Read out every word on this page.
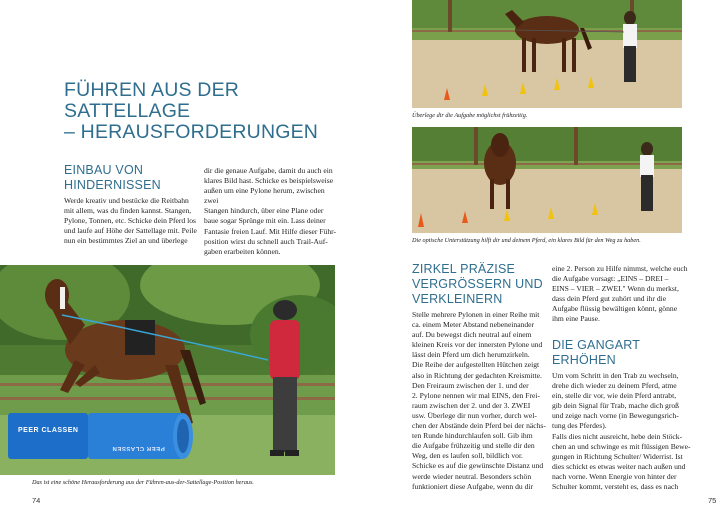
FÜHREN AUS DER SATTELLAGE
– HERAUSFORDERUNGEN
EINBAU VON
HINDERNISSEN

Werde kreativ und bestücke die Reitbahn

mit allem, was du finden kannst. Stangen,

Pylone, Tonnen, etc. Schicke dein Pferd los

und laufe auf Höhe der Sattellage mit. Peile

nun ein bestimmtes Ziel an und überlege

dir die genaue Aufgabe, damit du auch ein

klares Bild hast. Schicke es beispielsweise

außen um eine Pylone herum, zwischen zwei

Stangen hindurch, über eine Plane oder

baue sogar Sprünge mit ein. Lass deiner

Fantasie freien Lauf. Mit Hilfe dieser Führ-

position wirst du schnell auch Trail-Auf-

gaben erarbeiten können.

PEER CLASSEN
PEER CLASSEN
Das ist eine schöne Herausforderung aus der Führen-aus-der-Sattellage-Position heraus.
74
Überlege dir die Aufgabe möglichst frühzeitig.
Die optische Unterstützung hilft dir und deinem Pferd, ein klares Bild für den Weg zu haben.
ZIRKEL PRÄZISE
VERGRÖSSERN UND
VERKLEINERN

Stelle mehrere Pylonen in einer Reihe mit

ca. einem Meter Abstand nebeneinander

auf. Du bewegst dich neutral auf einem

kleinen Kreis vor der innersten Pylone und

lässt dein Pferd um dich herumzirkeln.

Die Reihe der aufgestellten Hütchen zeigt

also in Richtung der gedachten Kreismitte.

Den Freiraum zwischen der 1. und der

2. Pylone nennen wir mal EINS, den Frei-

raum zwischen der 2. und der 3. ZWEI

usw. Überlege dir nun vorher, durch wel-

chen der Abstände dein Pferd bei der nächs-

ten Runde hindurchlaufen soll. Gib ihm

die Aufgabe frühzeitig und stelle dir den

Weg, den es laufen soll, bildlich vor.

Schicke es auf die gewünschte Distanz und

werde wieder neutral. Besonders schön

funktioniert diese Aufgabe, wenn du dir

eine 2. Person zu Hilfe nimmst, welche euch

die Aufgabe vorsagt: „EINS – DREI –

EINS – VIER – ZWEI." Wenn du merkst,

dass dein Pferd gut zuhört und ihr die

Aufgabe flüssig bewältigen könnt, gönne

ihm eine Pause.

DIE GANGART
ERHÖHEN

Um vom Schritt in den Trab zu wechseln,

drehe dich wieder zu deinem Pferd, atme

ein, stelle dir vor, wie dein Pferd antrabt,

gib dein Signal für Trab, mache dich groß

und zeige nach vorne (in Bewegungsrich-

tung des Pferdes).

Falls dies nicht ausreicht, hebe dein Stöck-

chen an und schwinge es mit flüssigen Bewe-

gungen in Richtung Schulter/ Widerrist. Ist

dies schickt es etwas weiter nach außen und

nach vorne. Wenn Energie von hinter der

Schulter kommt, versteht es, dass es nach

75
